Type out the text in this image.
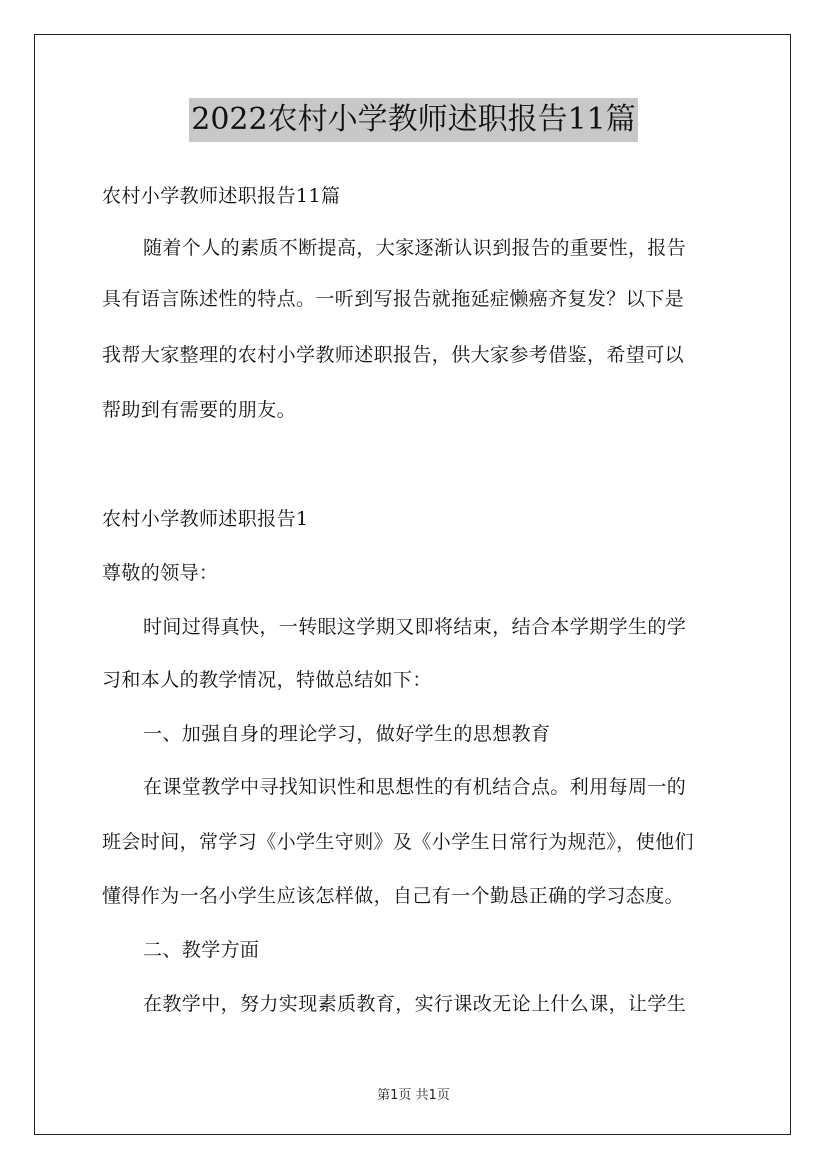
2022农村小学教师述职报告11篇
农村小学教师述职报告11篇
随着个人的素质不断提高，大家逐渐认识到报告的重要性，报告
具有语言陈述性的特点。一听到写报告就拖延症懒癌齐复发？以下是
我帮大家整理的农村小学教师述职报告，供大家参考借鉴，希望可以
帮助到有需要的朋友。
农村小学教师述职报告1
尊敬的领导：
时间过得真快，一转眼这学期又即将结束，结合本学期学生的学
习和本人的教学情况，特做总结如下：
一、加强自身的理论学习，做好学生的思想教育
在课堂教学中寻找知识性和思想性的有机结合点。利用每周一的
班会时间，常学习《小学生守则》及《小学生日常行为规范》，使他们
懂得作为一名小学生应该怎样做，自己有一个勤恳正确的学习态度。
二、教学方面
在教学中，努力实现素质教育，实行课改无论上什么课，让学生
第1页 共1页
